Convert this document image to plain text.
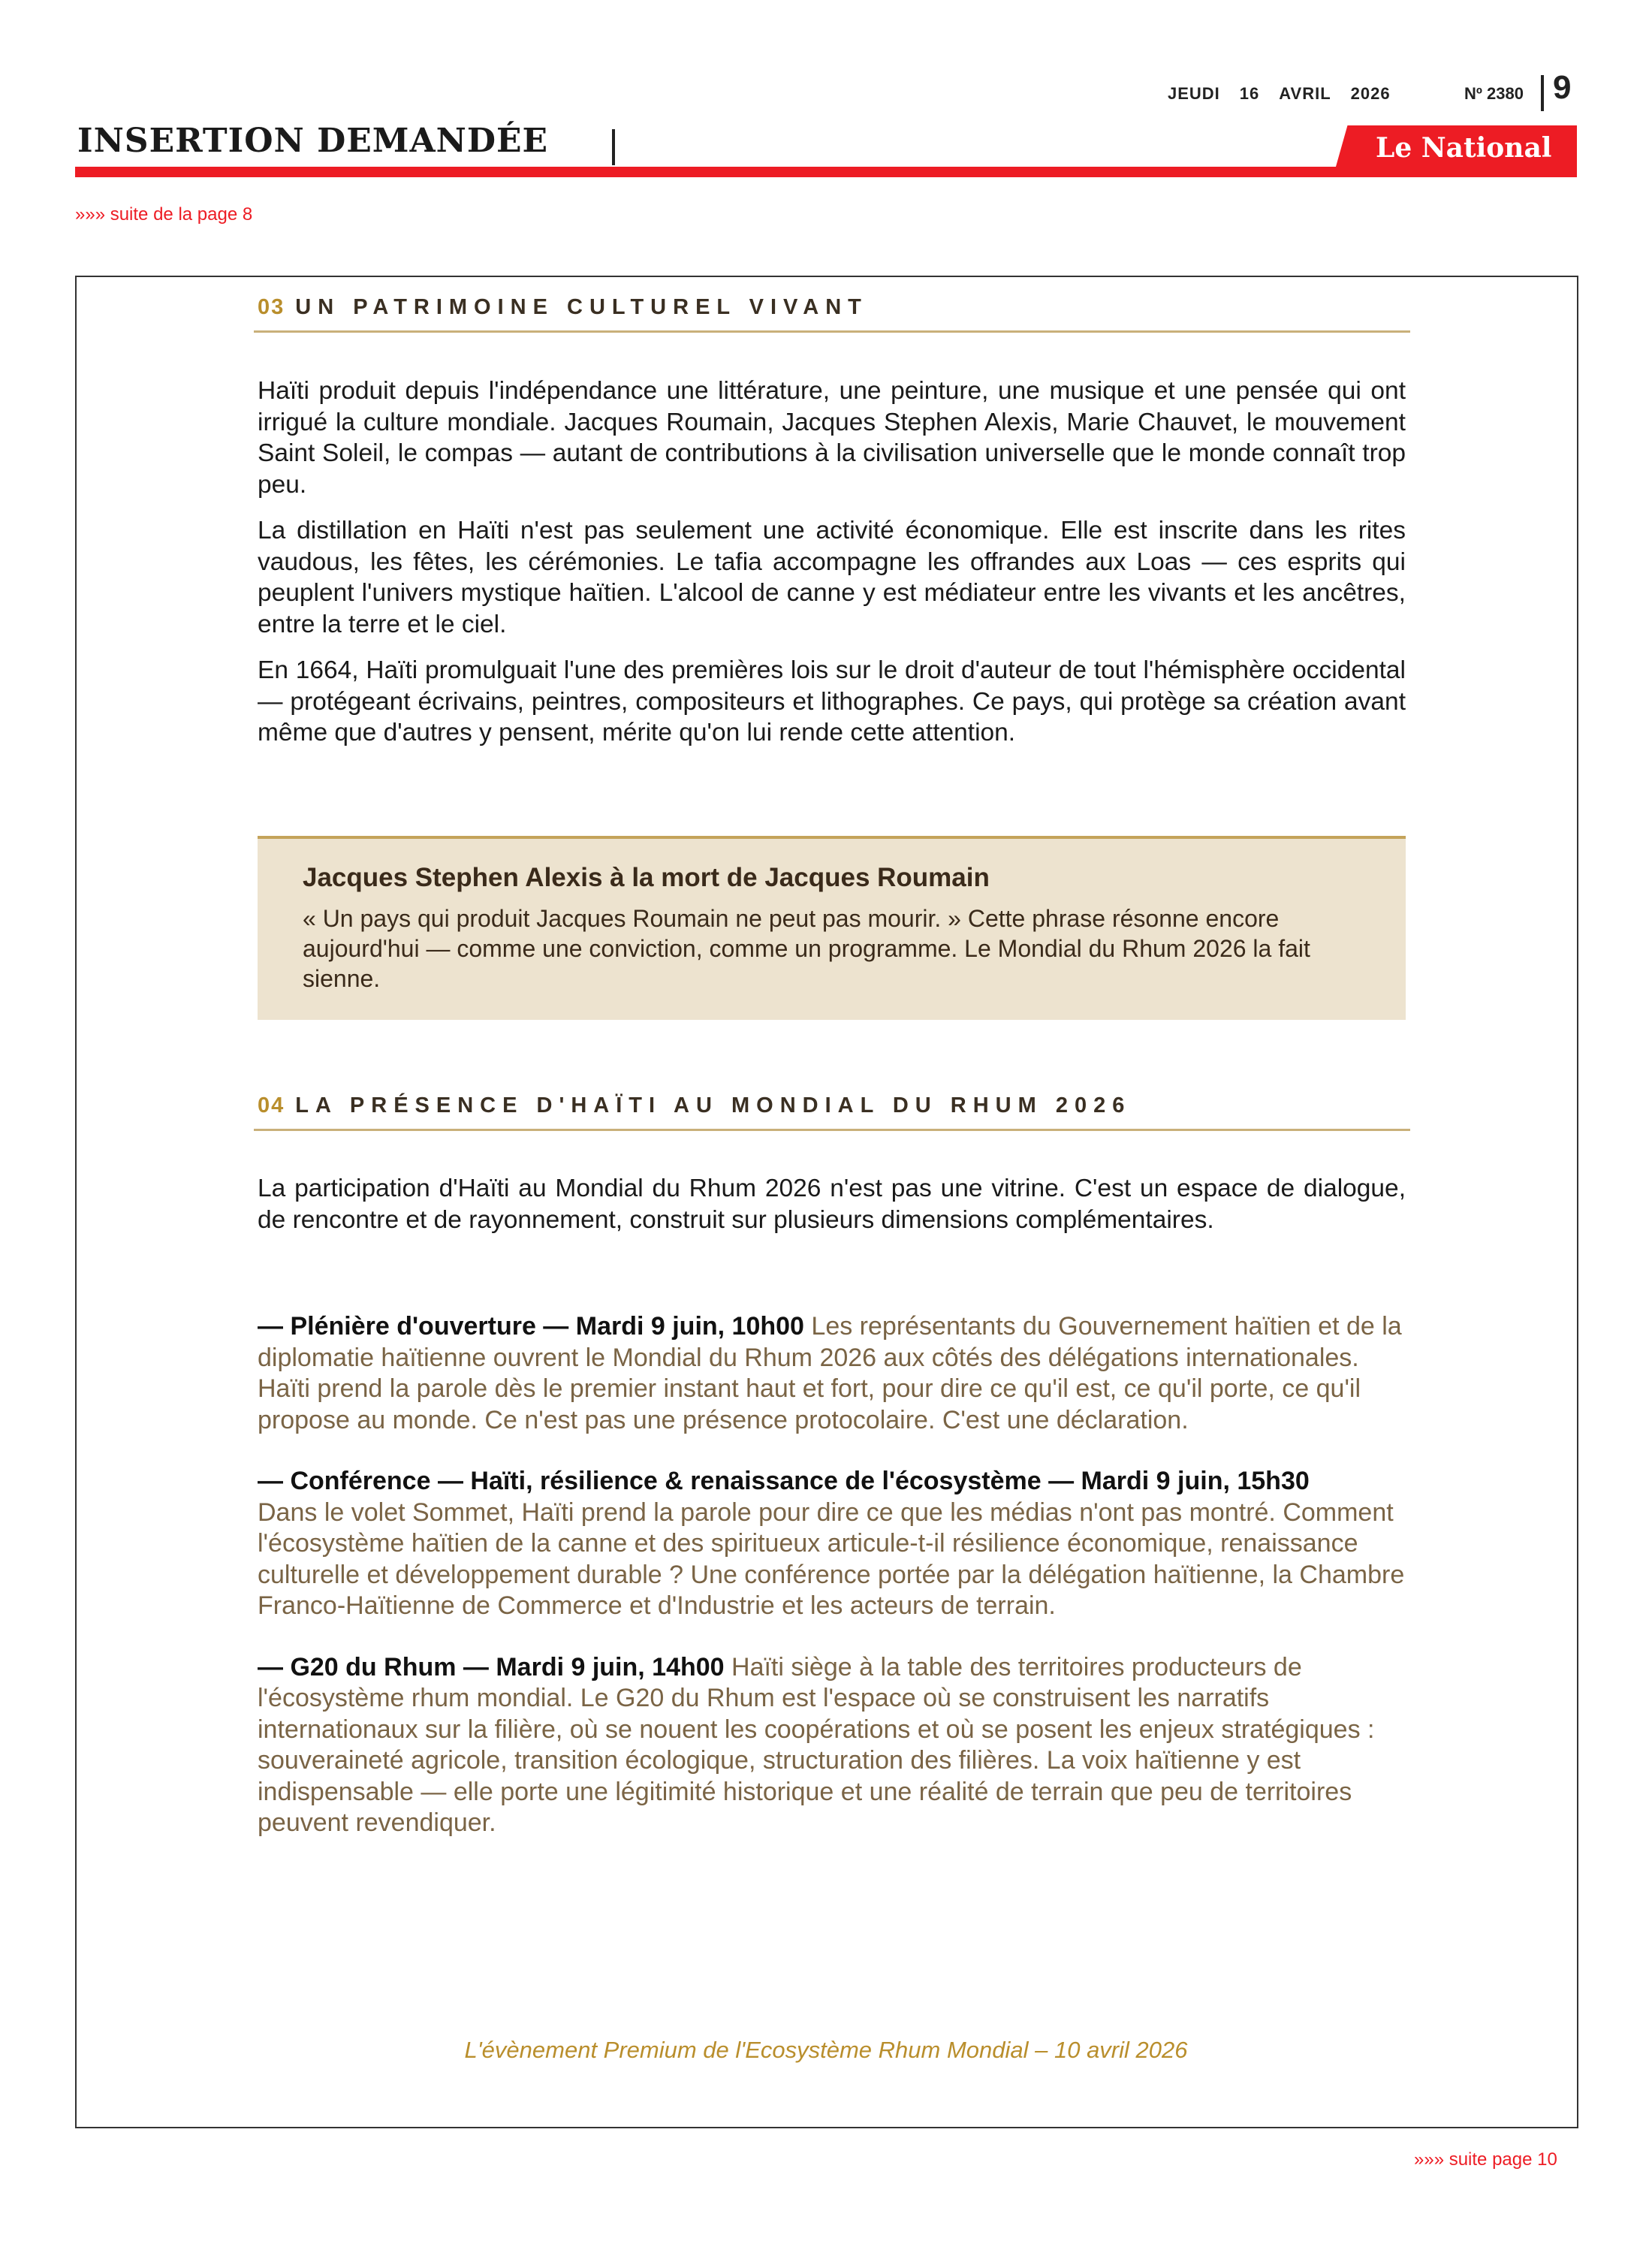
JEUDI 16 AVRIL 2026	Nº 2380 9
INSERTION DEMANDÉE	Le National
»»» suite de la page 8
03 UN PATRIMOINE CULTUREL VIVANT

Haïti produit depuis l'indépendance une littérature, une peinture, une musique et une pensée qui ont irrigué la culture mondiale. Jacques Roumain, Jacques Stephen Alexis, Marie Chauvet, le mouvement Saint Soleil, le compas — autant de contributions à la civilisation universelle que le monde connaît trop peu.

La distillation en Haïti n'est pas seulement une activité économique. Elle est inscrite dans les rites vaudous, les fêtes, les cérémonies. Le tafia accompagne les offrandes aux Loas — ces esprits qui peuplent l'univers mystique haïtien. L'alcool de canne y est médiateur entre les vivants et les ancêtres, entre la terre et le ciel.

En 1664, Haïti promulguait l'une des premières lois sur le droit d'auteur de tout l'hémisphère occidental — protégeant écrivains, peintres, compositeurs et lithographes. Ce pays, qui protège sa création avant même que d'autres y pensent, mérite qu'on lui rende cette attention.

Jacques Stephen Alexis à la mort de Jacques Roumain
« Un pays qui produit Jacques Roumain ne peut pas mourir. » Cette phrase résonne encore aujourd'hui — comme une conviction, comme un programme. Le Mondial du Rhum 2026 la fait sienne.
04 LA PRÉSENCE D'HAÏTI AU MONDIAL DU RHUM 2026

La participation d'Haïti au Mondial du Rhum 2026 n'est pas une vitrine. C'est un espace de dialogue, de rencontre et de rayonnement, construit sur plusieurs dimensions complémentaires.

— Plénière d'ouverture — Mardi 9 juin, 10h00 Les représentants du Gouvernement haïtien et de la diplomatie haïtienne ouvrent le Mondial du Rhum 2026 aux côtés des délégations internationales. Haïti prend la parole dès le premier instant haut et fort, pour dire ce qu'il est, ce qu'il porte, ce qu'il propose au monde. Ce n'est pas une présence protocolaire. C'est une déclaration.
— Conférence — Haïti, résilience & renaissance de l'écosystème — Mardi 9 juin, 15h30
Dans le volet Sommet, Haïti prend la parole pour dire ce que les médias n'ont pas montré. Comment l'écosystème haïtien de la canne et des spiritueux articule-t-il résilience économique, renaissance culturelle et développement durable ? Une conférence portée par la délégation haïtienne, la Chambre Franco-Haïtienne de Commerce et d'Industrie et les acteurs de terrain.
— G20 du Rhum — Mardi 9 juin, 14h00 Haïti siège à la table des territoires producteurs de l'écosystème rhum mondial. Le G20 du Rhum est l'espace où se construisent les narratifs internationaux sur la filière, où se nouent les coopérations et où se posent les enjeux stratégiques : souveraineté agricole, transition écologique, structuration des filières. La voix haïtienne y est indispensable — elle porte une légitimité historique et une réalité de terrain que peu de territoires peuvent revendiquer.
L'évènement Premium de l'Ecosystème Rhum Mondial – 10 avril 2026
»»» suite page 10
